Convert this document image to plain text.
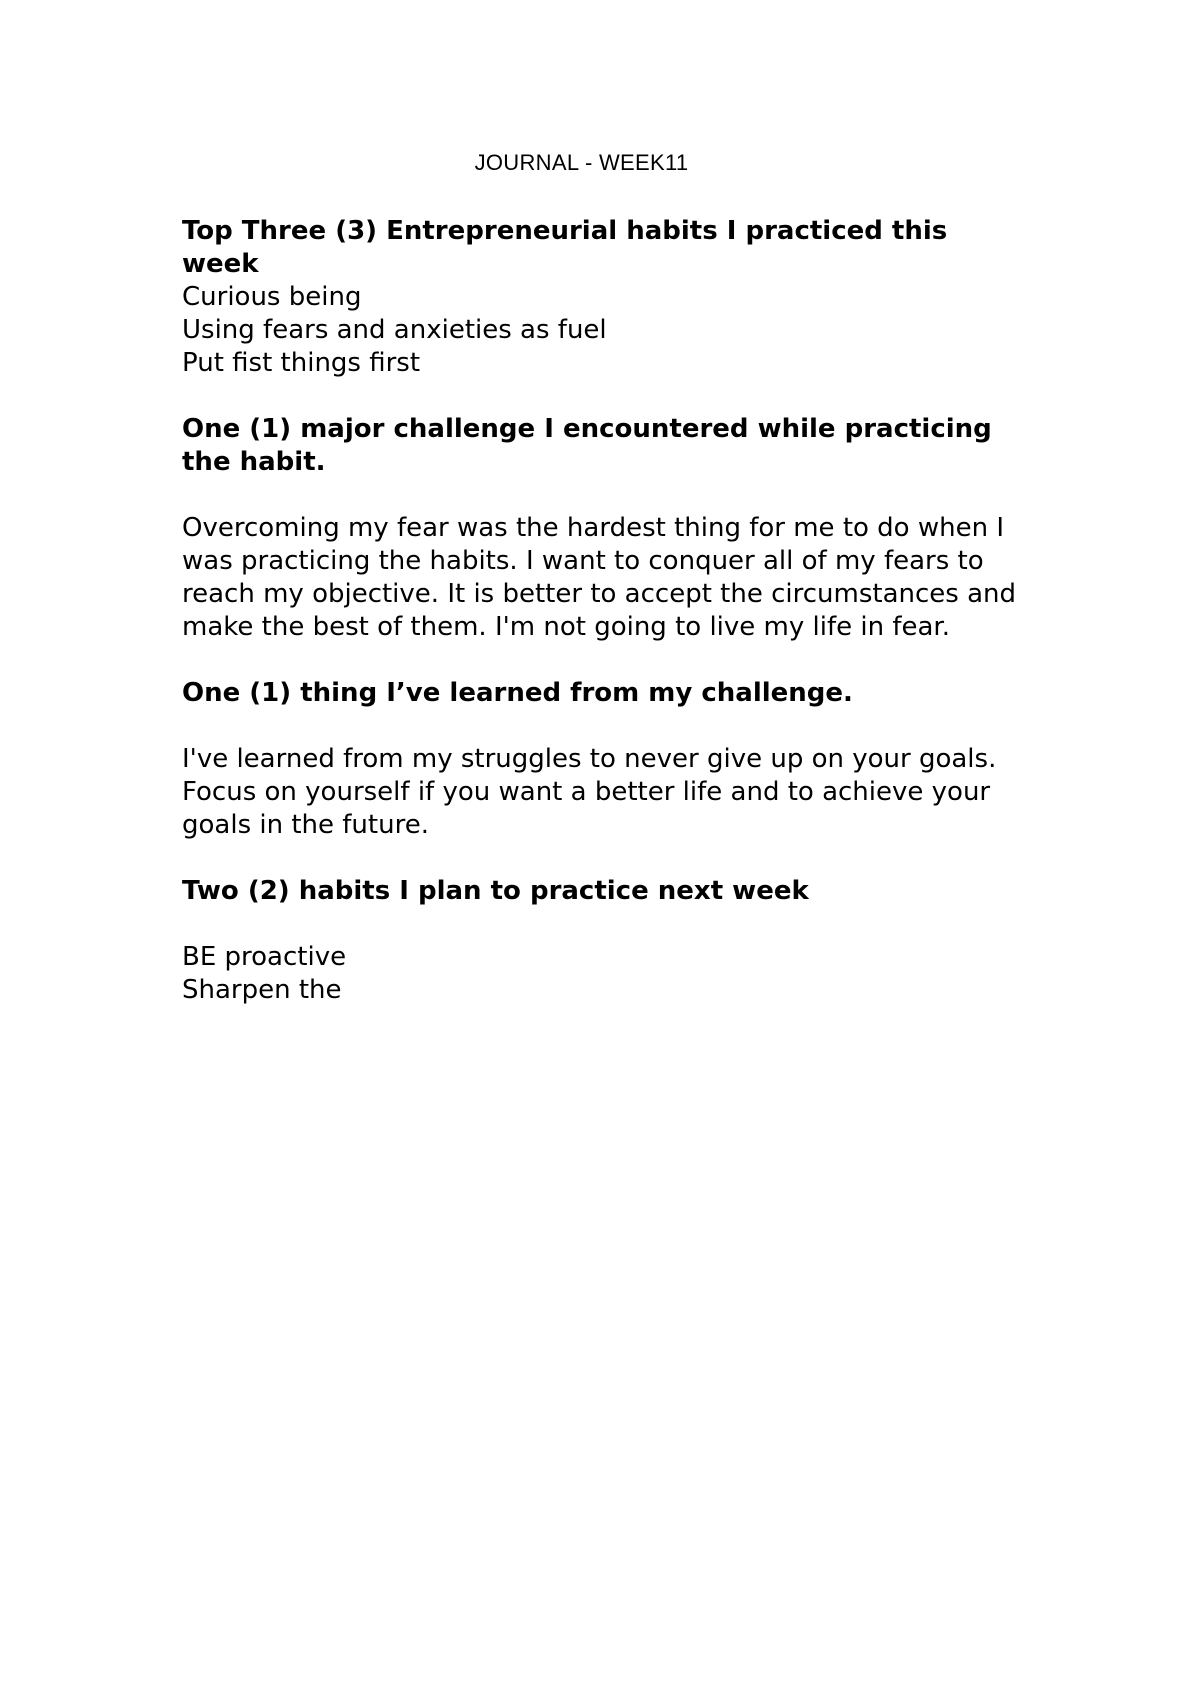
JOURNAL - WEEK11

Top Three (3) Entrepreneurial habits I practiced this week

Curious being

Using fears and anxieties as fuel

Put fist things first

One (1) major challenge I encountered while practicing the habit.

Overcoming my fear was the hardest thing for me to do when I was practicing the habits. I want to conquer all of my fears to reach my objective. It is better to accept the circumstances and make the best of them. I'm not going to live my life in fear.

One (1) thing I’ve learned from my challenge.

I've learned from my struggles to never give up on your goals. Focus on yourself if you want a better life and to achieve your goals in the future.

Two (2) habits I plan to practice next week

BE proactive

Sharpen the
